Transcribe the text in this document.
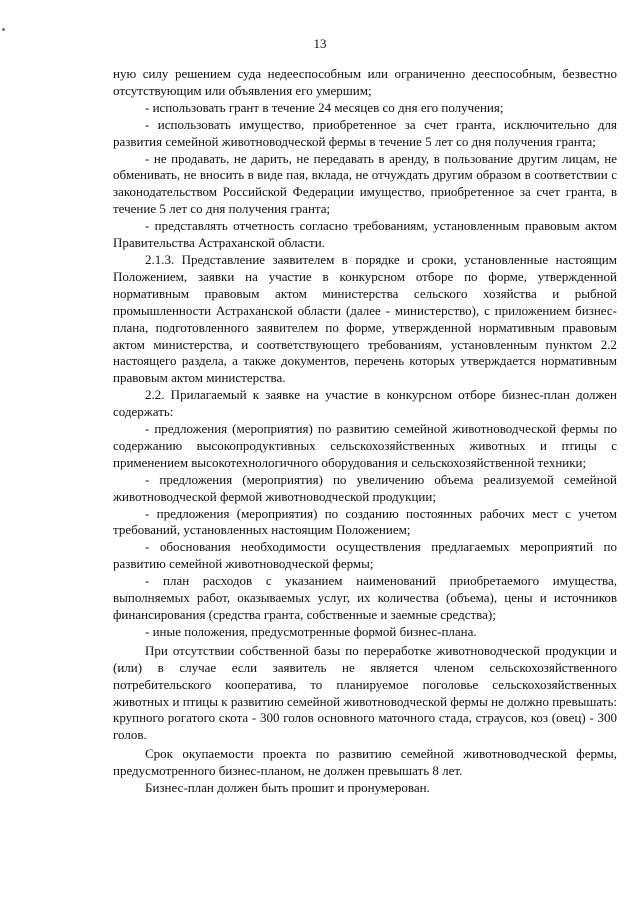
13

ную силу решением суда недееспособным или ограниченно дееспособным, безвестно отсутствующим или объявления его умершим;

- использовать грант в течение 24 месяцев со дня его получения;

- использовать имущество, приобретенное за счет гранта, исключительно для развития семейной животноводческой фермы в течение 5 лет со дня получения гранта;

- не продавать, не дарить, не передавать в аренду, в пользование другим лицам, не обменивать, не вносить в виде пая, вклада, не отчуждать другим образом в соответствии с законодательством Российской Федерации имущество, приобретенное за счет гранта, в течение 5 лет со дня получения гранта;

- представлять отчетность согласно требованиям, установленным правовым актом Правительства Астраханской области.

2.1.3. Представление заявителем в порядке и сроки, установленные настоящим Положением, заявки на участие в конкурсном отборе по форме, утвержденной нормативным правовым актом министерства сельского хозяйства и рыбной промышленности Астраханской области (далее - министерство), с приложением бизнес-плана, подготовленного заявителем по форме, утвержденной нормативным правовым актом министерства, и соответствующего требованиям, установленным пунктом 2.2 настоящего раздела, а также документов, перечень которых утверждается нормативным правовым актом министерства.

2.2. Прилагаемый к заявке на участие в конкурсном отборе бизнес-план должен содержать:

- предложения (мероприятия) по развитию семейной животноводческой фермы по содержанию высокопродуктивных сельскохозяйственных животных и птицы с применением высокотехнологичного оборудования и сельскохозяйственной техники;

- предложения (мероприятия) по увеличению объема реализуемой семейной животноводческой фермой животноводческой продукции;

- предложения (мероприятия) по созданию постоянных рабочих мест с учетом требований, установленных настоящим Положением;

- обоснования необходимости осуществления предлагаемых мероприятий по развитию семейной животноводческой фермы;

- план расходов с указанием наименований приобретаемого имущества, выполняемых работ, оказываемых услуг, их количества (объема), цены и источников финансирования (средства гранта, собственные и заемные средства);

- иные положения, предусмотренные формой бизнес-плана.

При отсутствии собственной базы по переработке животноводческой продукции и (или) в случае если заявитель не является членом сельскохозяйственного потребительского кооператива, то планируемое поголовье сельскохозяйственных животных и птицы к развитию семейной животноводческой фермы не должно превышать: крупного рогатого скота - 300 голов основного маточного стада, страусов, коз (овец) - 300 голов.

Срок окупаемости проекта по развитию семейной животноводческой фермы, предусмотренного бизнес-планом, не должен превышать 8 лет.

Бизнес-план должен быть прошит и пронумерован.
